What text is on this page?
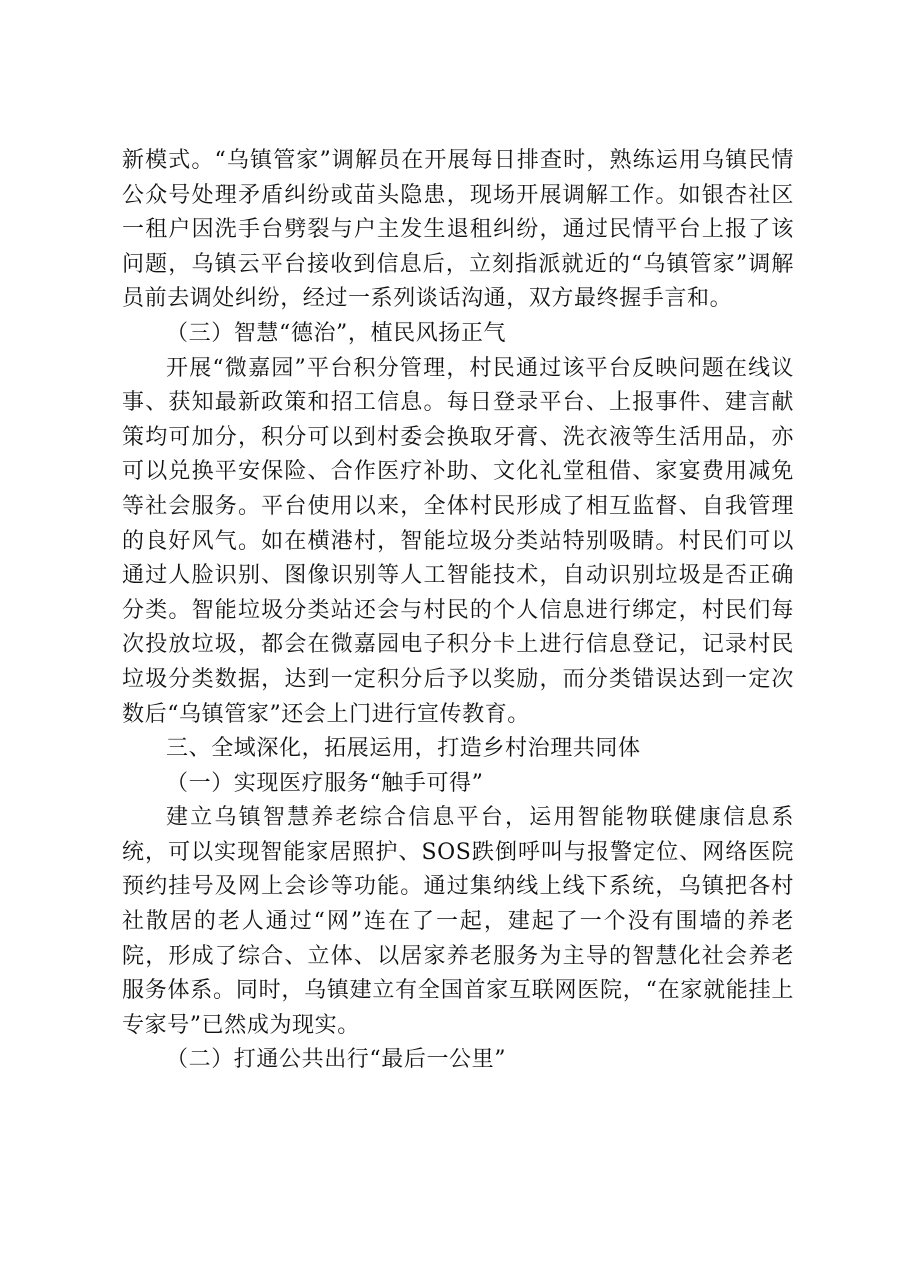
新模式。“乌镇管家”调解员在开展每日排查时，熟练运用乌镇民情公众号处理矛盾纠纷或苗头隐患，现场开展调解工作。如银杏社区一租户因洗手台劈裂与户主发生退租纠纷，通过民情平台上报了该问题，乌镇云平台接收到信息后，立刻指派就近的“乌镇管家”调解员前去调处纠纷，经过一系列谈话沟通，双方最终握手言和。

（三）智慧“德治”，植民风扬正气

开展“微嘉园”平台积分管理，村民通过该平台反映问题在线议事、获知最新政策和招工信息。每日登录平台、上报事件、建言献策均可加分，积分可以到村委会换取牙膏、洗衣液等生活用品，亦可以兑换平安保险、合作医疗补助、文化礼堂租借、家宴费用减免等社会服务。平台使用以来，全体村民形成了相互监督、自我管理的良好风气。如在横港村，智能垃圾分类站特别吸睛。村民们可以通过人脸识别、图像识别等人工智能技术，自动识别垃圾是否正确分类。智能垃圾分类站还会与村民的个人信息进行绑定，村民们每次投放垃圾，都会在微嘉园电子积分卡上进行信息登记，记录村民垃圾分类数据，达到一定积分后予以奖励，而分类错误达到一定次数后“乌镇管家”还会上门进行宣传教育。

三、全域深化，拓展运用，打造乡村治理共同体

（一）实现医疗服务“触手可得”

建立乌镇智慧养老综合信息平台，运用智能物联健康信息系统，可以实现智能家居照护、SOS跌倒呼叫与报警定位、网络医院预约挂号及网上会诊等功能。通过集纳线上线下系统，乌镇把各村社散居的老人通过“网”连在了一起，建起了一个没有围墙的养老院，形成了综合、立体、以居家养老服务为主导的智慧化社会养老服务体系。同时，乌镇建立有全国首家互联网医院，“在家就能挂上专家号”已然成为现实。

（二）打通公共出行“最后一公里”
